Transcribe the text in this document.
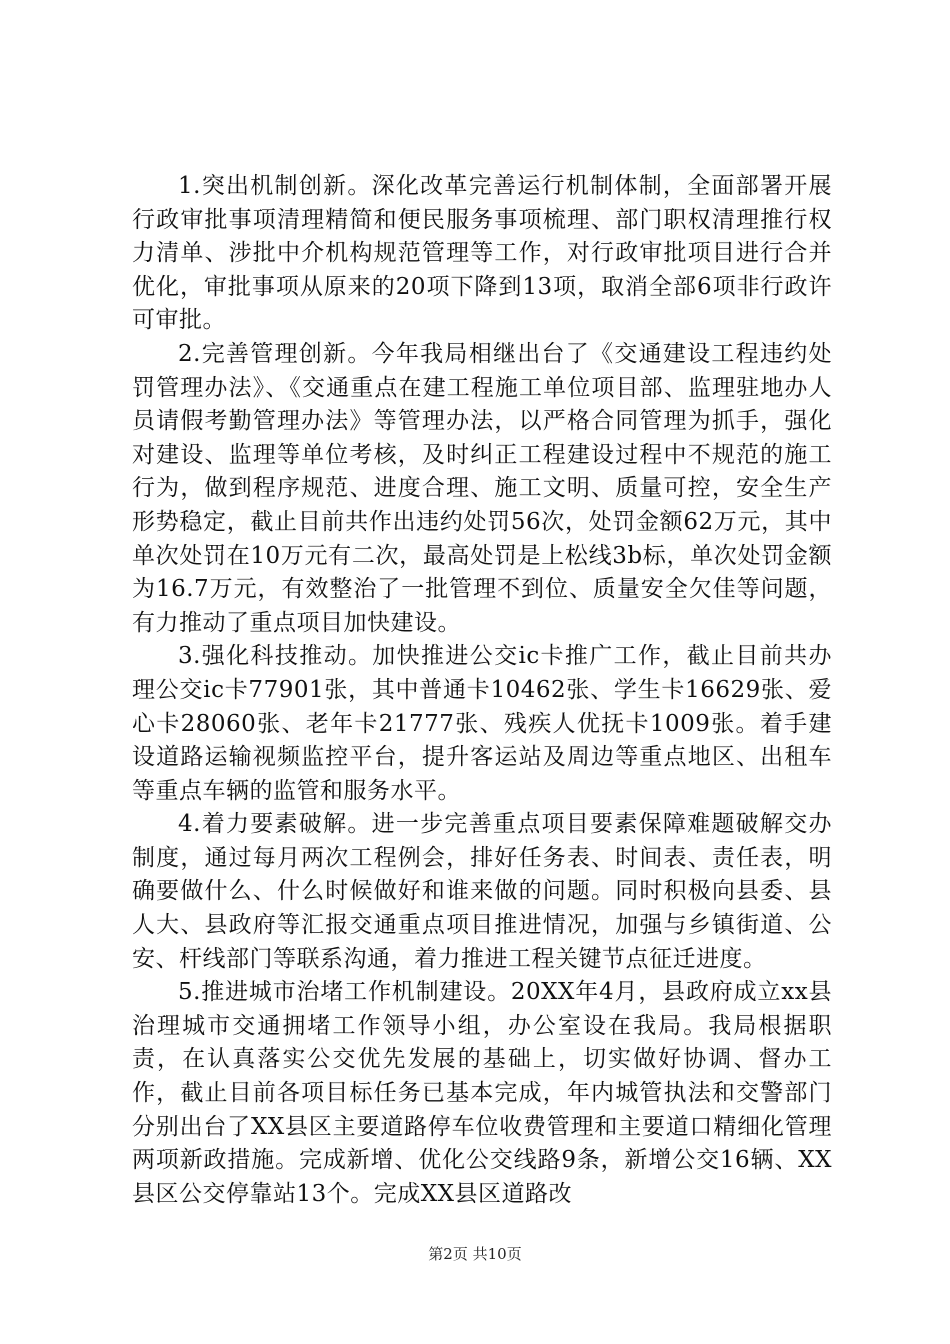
1.突出机制创新。深化改革完善运行机制体制，全面部署开展行政审批事项清理精简和便民服务事项梳理、部门职权清理推行权力清单、涉批中介机构规范管理等工作，对行政审批项目进行合并优化，审批事项从原来的20项下降到13项，取消全部6项非行政许可审批。

2.完善管理创新。今年我局相继出台了《交通建设工程违约处罚管理办法》、《交通重点在建工程施工单位项目部、监理驻地办人员请假考勤管理办法》等管理办法，以严格合同管理为抓手，强化对建设、监理等单位考核，及时纠正工程建设过程中不规范的施工行为，做到程序规范、进度合理、施工文明、质量可控，安全生产形势稳定，截止目前共作出违约处罚56次，处罚金额62万元，其中单次处罚在10万元有二次，最高处罚是上松线3b标，单次处罚金额为16.7万元，有效整治了一批管理不到位、质量安全欠佳等问题，有力推动了重点项目加快建设。

3.强化科技推动。加快推进公交ic卡推广工作，截止目前共办理公交ic卡77901张，其中普通卡10462张、学生卡16629张、爱心卡28060张、老年卡21777张、残疾人优抚卡1009张。着手建设道路运输视频监控平台，提升客运站及周边等重点地区、出租车等重点车辆的监管和服务水平。

4.着力要素破解。进一步完善重点项目要素保障难题破解交办制度，通过每月两次工程例会，排好任务表、时间表、责任表，明确要做什么、什么时候做好和谁来做的问题。同时积极向县委、县人大、县政府等汇报交通重点项目推进情况，加强与乡镇街道、公安、杆线部门等联系沟通，着力推进工程关键节点征迁进度。

5.推进城市治堵工作机制建设。20XX年4月，县政府成立xx县治理城市交通拥堵工作领导小组，办公室设在我局。我局根据职责，在认真落实公交优先发展的基础上，切实做好协调、督办工作，截止目前各项目标任务已基本完成，年内城管执法和交警部门分别出台了XX县区主要道路停车位收费管理和主要道口精细化管理两项新政措施。完成新增、优化公交线路9条，新增公交16辆、XX县区公交停靠站13个。完成XX县区道路改

第2页 共10页
